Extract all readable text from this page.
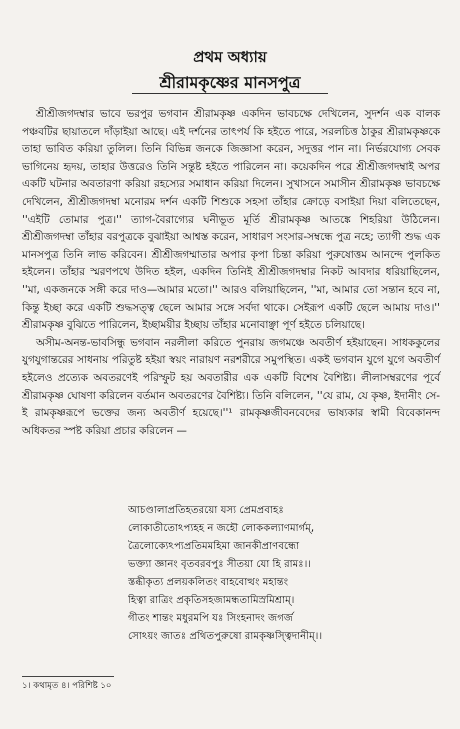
প্রথম অধ্যায়
শ্রীরামকৃষ্ণের মানসপুত্র

শ্রীশ্রীজগদম্বার ভাবে ভরপুর ভগবান শ্রীরামকৃষ্ণ একদিন ভাবচক্ষে দেখিলেন, সুদর্শন এক বালক পঞ্চবটির ছায়াতলে দাঁড়াইয়া আছে। এই দর্শনের তাৎপর্য কি হইতে পারে, সরলচিত্ত ঠাকুর শ্রীরামকৃষ্ণকে তাহা ভাবিত করিয়া তুলিল। তিনি বিভিন্ন জনকে জিজ্ঞাসা করেন, সদুত্তর পান না। নির্ভরযোগ্য সেবক ভাগিনেয় হৃদয়, তাহার উত্তরেও তিনি সন্তুষ্ট হইতে পারিলেন না। কয়েকদিন পরে শ্রীশ্রীজগদম্বাই অপর একটি ঘটনার অবতারণা করিয়া রহস্যের সমাধান করিয়া দিলেন। সুখাসনে সমাসীন শ্রীরামকৃষ্ণ ভাবচক্ষে দেখিলেন, শ্রীশ্রীজগদম্বা মনোরম দর্শন একটি শিশুকে সহসা তাঁহার ক্রোড়ে বসাইয়া দিয়া বলিতেছেন, ''এইটি তোমার পুত্র।'' ত্যাগ-বৈরাগ্যের ঘনীভূত মূর্তি শ্রীরামকৃষ্ণ আতঙ্কে শিহরিয়া উঠিলেন। শ্রীশ্রীজগদম্বা তাঁহার বরপুত্রকে বুঝাইয়া আশ্বস্ত করেন, সাধারণ সংসার-সম্বন্ধে পুত্র নহে; ত্যাগী শুদ্ধ এক মানসপুত্র তিনি লাভ করিবেন। শ্রীশ্রীজগম্মাতার অপার কৃপা চিন্তা করিয়া পুরুষোত্তম আনন্দে পুলকিত হইলেন। তাঁহার স্মরণপথে উদিত হইল, একদিন তিনিই শ্রীশ্রীজগদম্বার নিকট আবদার ধরিয়াছিলেন, ''মা, একজনকে সঙ্গী করে দাও—আমার মতো।'' আরও বলিয়াছিলেন, ''মা, আমার তো সন্তান হবে না, কিন্তু ইচ্ছা করে একটি শুদ্ধসত্ত্ব ছেলে আমার সঙ্গে সর্বদা থাকে। সেইরূপ একটি ছেলে আমায় দাও।'' শ্রীরামকৃষ্ণ বুঝিতে পারিলেন, ইচ্ছাময়ীর ইচ্ছায় তাঁহার মনোবাঞ্ছা পূর্ণ হইতে চলিয়াছে।

অসীম-অনন্ত-ভাবসিন্ধু ভগবান নরলীলা করিতে পুনরায় জগমঞ্চে অবতীর্ণ হইয়াছেন। সাধককুলের যুগযুগান্তরের সাধনায় পরিতুষ্ট হইয়া স্বয়ং নারায়ণ নরশরীরে সমুপস্থিত। একই ভগবান যুগে যুগে অবতীর্ণ হইলেও প্রত্যেক অবতরণেই পরিস্ফুট হয় অবতারীর এক একটি বিশেষ বৈশিষ্ট্য। লীলাসম্বরণের পূর্বে শ্রীরামকৃষ্ণ ঘোষণা করিলেন বর্তমান অবতরণের বৈশিষ্ট্য। তিনি বলিলেন, ''যে রাম, যে কৃষ্ণ, ইদানীং সে-ই রামকৃষ্ণরূপে ভক্তের জন্য অবতীর্ণ হয়েছে।''¹ রামকৃষ্ণজীবনবেদের ভাষ্যকার স্বামী বিবেকানন্দ অধিকতর স্পষ্ট করিয়া প্রচার করিলেন —

আচণ্ডালাপ্রতিহতরয়ো যস্য প্রেমপ্রবাহঃ
লোকাতীতোঽপ্যহহ ন জহৌ লোককল্যাণমার্গম্,
ত্রৈলোক্যেঽপ্যপ্রতিমমহিমা জানকীপ্রাণবন্ধো
ভক্ত্যা জ্ঞানং বৃতবরবপুঃ সীতয়া যো হি রামঃ।।
স্তব্ধীকৃত্য প্রলয়কলিতং বাহবোত্থং মহান্তং
হিত্বা রাত্রিং প্রকৃতিসহজামন্ধতামিস্রমিশ্রাম্।
গীতং শান্তং মধুরমপি যঃ সিংহনাদং জগর্জ
সোঽয়ং জাতঃ প্রথিতপুরুষো রামকৃষ্ণস্ত্বিদানীম্।।
১। কথামৃত ৪। পরিশিষ্ট ১০
